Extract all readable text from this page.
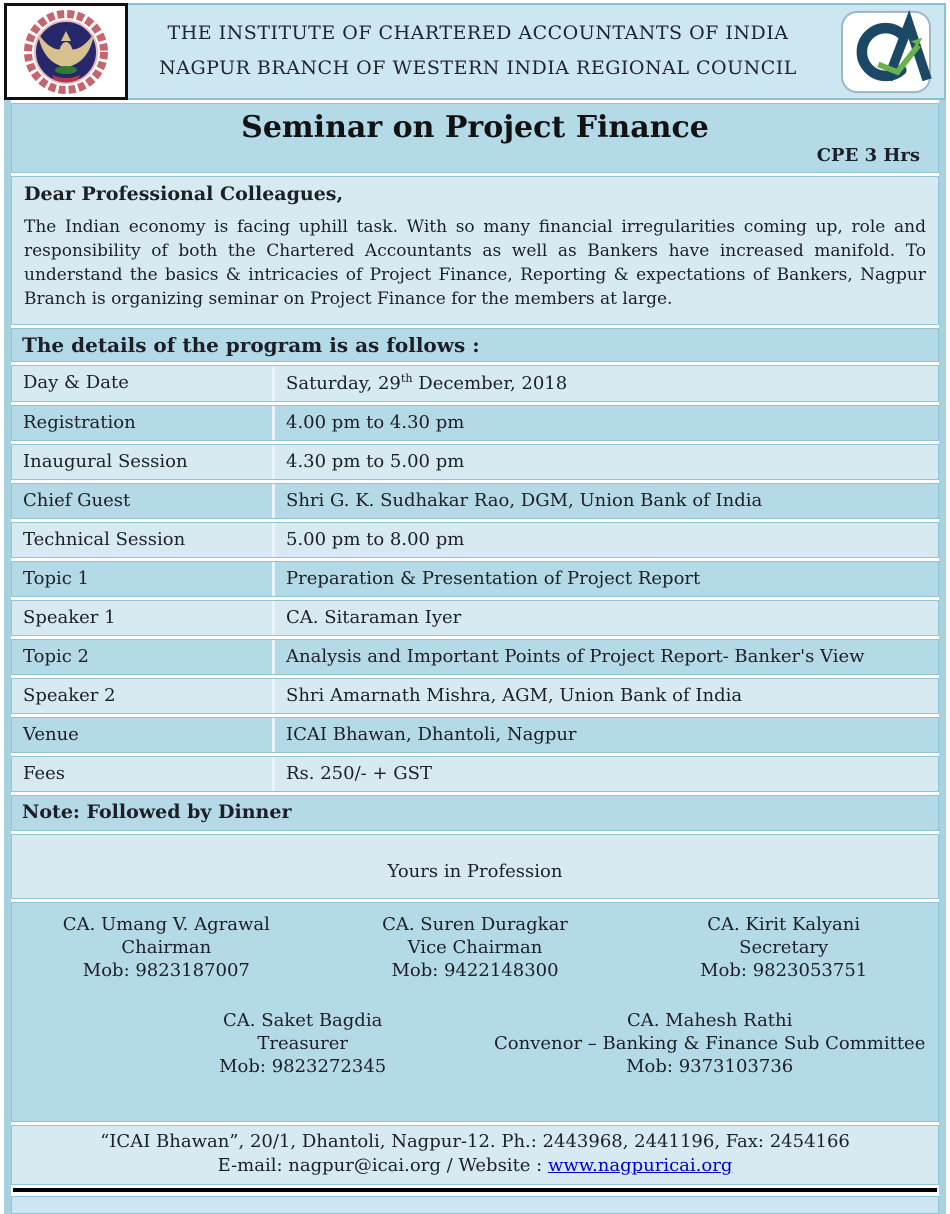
THE INSTITUTE OF CHARTERED ACCOUNTANTS OF INDIA
NAGPUR BRANCH OF WESTERN INDIA REGIONAL COUNCIL
Seminar on Project Finance
CPE 3 Hrs
Dear Professional Colleagues,
The Indian economy is facing uphill task. With so many financial irregularities coming up, role and responsibility of both the Chartered Accountants as well as Bankers have increased manifold. To understand the basics & intricacies of Project Finance, Reporting & expectations of Bankers, Nagpur Branch is organizing seminar on Project Finance for the members at large.
The details of the program is as follows :
Day & Date	Saturday, 29th December, 2018
Registration	4.00 pm to 4.30 pm
Inaugural Session	4.30 pm to 5.00 pm
Chief Guest	Shri G. K. Sudhakar Rao, DGM, Union Bank of India
Technical Session	5.00 pm to 8.00 pm
Topic 1	Preparation & Presentation of Project Report
Speaker 1	CA. Sitaraman Iyer
Topic 2	Analysis and Important Points of Project Report- Banker's View
Speaker 2	Shri Amarnath Mishra, AGM, Union Bank of India
Venue	ICAI Bhawan, Dhantoli, Nagpur
Fees	Rs. 250/- + GST
Note: Followed by Dinner
Yours in Profession
CA. Umang V. Agrawal
Chairman
Mob: 9823187007
CA. Suren Duragkar
Vice Chairman
Mob: 9422148300
CA. Kirit Kalyani
Secretary
Mob: 9823053751
CA. Saket Bagdia
Treasurer
Mob: 9823272345
CA. Mahesh Rathi
Convenor – Banking & Finance Sub Committee
Mob: 9373103736
“ICAI Bhawan”, 20/1, Dhantoli, Nagpur-12. Ph.: 2443968, 2441196, Fax: 2454166
E-mail: nagpur@icai.org / Website : www.nagpuricai.org
